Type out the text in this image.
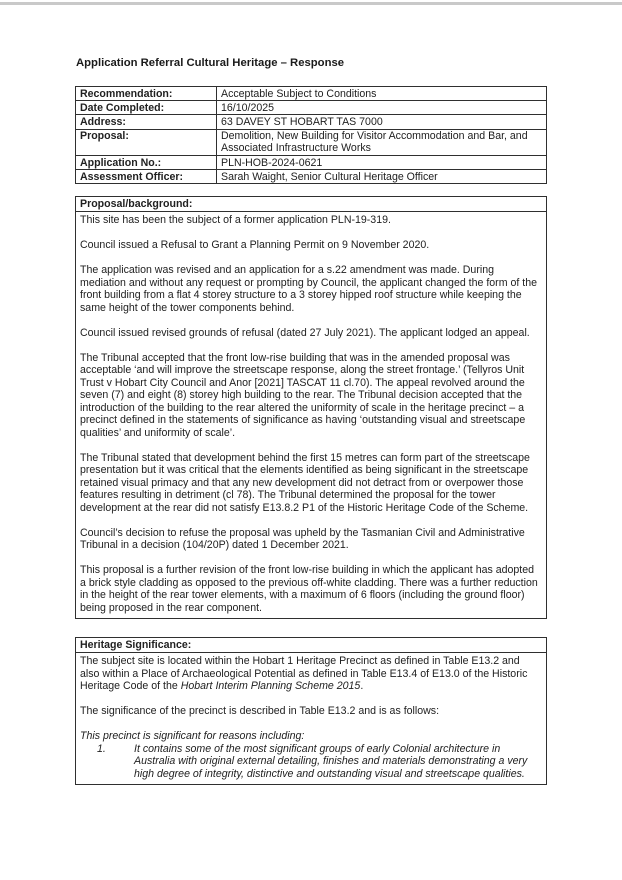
Application Referral Cultural Heritage – Response
Recommendation:	Acceptable Subject to Conditions
Date Completed:	16/10/2025
Address:	63 DAVEY ST HOBART TAS 7000
Proposal:	Demolition, New Building for Visitor Accommodation and Bar, and Associated Infrastructure Works
Application No.:	PLN-HOB-2024-0621
Assessment Officer:	Sarah Waight, Senior Cultural Heritage Officer
Proposal/background:

This site has been the subject of a former application PLN-19-319.

Council issued a Refusal to Grant a Planning Permit on 9 November 2020.

The application was revised and an application for a s.22 amendment was made. During mediation and without any request or prompting by Council, the applicant changed the form of the front building from a flat 4 storey structure to a 3 storey hipped roof structure while keeping the same height of the tower components behind.

Council issued revised grounds of refusal (dated 27 July 2021). The applicant lodged an appeal.

The Tribunal accepted that the front low-rise building that was in the amended proposal was acceptable ‘and will improve the streetscape response, along the street frontage.’ (Tellyros Unit Trust v Hobart City Council and Anor [2021] TASCAT 11 cl.70). The appeal revolved around the seven (7) and eight (8) storey high building to the rear. The Tribunal decision accepted that the introduction of the building to the rear altered the uniformity of scale in the heritage precinct – a precinct defined in the statements of significance as having ‘outstanding visual and streetscape qualities’ and uniformity of scale’.

The Tribunal stated that development behind the first 15 metres can form part of the streetscape presentation but it was critical that the elements identified as being significant in the streetscape retained visual primacy and that any new development did not detract from or overpower those features resulting in detriment (cl 78). The Tribunal determined the proposal for the tower development at the rear did not satisfy E13.8.2 P1 of the Historic Heritage Code of the Scheme.

Council’s decision to refuse the proposal was upheld by the Tasmanian Civil and Administrative Tribunal in a decision (104/20P) dated 1 December 2021.

This proposal is a further revision of the front low-rise building in which the applicant has adopted a brick style cladding as opposed to the previous off-white cladding. There was a further reduction in the height of the rear tower elements, with a maximum of 6 floors (including the ground floor) being proposed in the rear component.

Heritage Significance:

The subject site is located within the Hobart 1 Heritage Precinct as defined in Table E13.2 and also within a Place of Archaeological Potential as defined in Table E13.4 of E13.0 of the Historic Heritage Code of the Hobart Interim Planning Scheme 2015.

The significance of the precinct is described in Table E13.2 and is as follows:

This precinct is significant for reasons including:

1.	It contains some of the most significant groups of early Colonial architecture in Australia with original external detailing, finishes and materials demonstrating a very high degree of integrity, distinctive and outstanding visual and streetscape qualities.
